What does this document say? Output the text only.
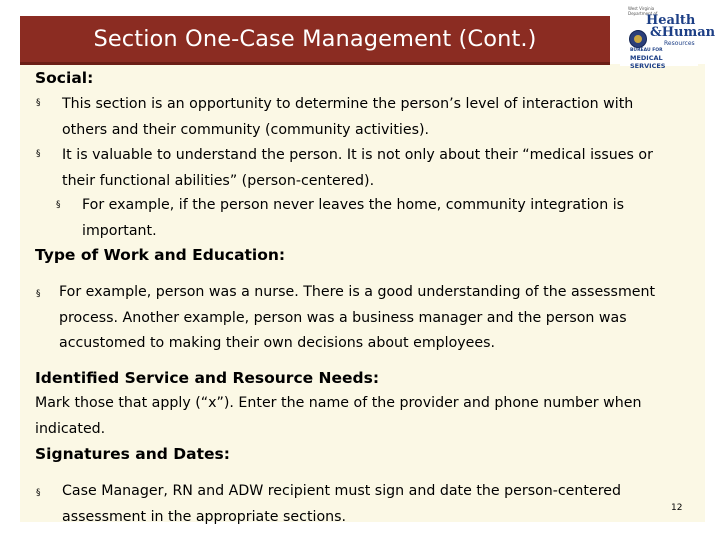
Section One-Case Management (Cont.)
West Virginia
Department of
Health
&Human
Resources
BUREAU FOR
MEDICAL SERVICES
Social:
§ This section is an opportunity to determine the person’s level of interaction with others and their community (community activities).
§ It is valuable to understand the person. It is not only about their “medical issues or their functional abilities” (person-centered).
§ For example, if the person never leaves the home, community integration is important.
Type of Work and Education:
§ For example, person was a nurse. There is a good understanding of the assessment process. Another example, person was a business manager and the person was accustomed to making their own decisions about employees.
Identified Service and Resource Needs:
Mark those that apply (“x”). Enter the name of the provider and phone number when indicated.
Signatures and Dates:
§ Case Manager, RN and ADW recipient must sign and date the person-centered assessment in the appropriate sections.
12
